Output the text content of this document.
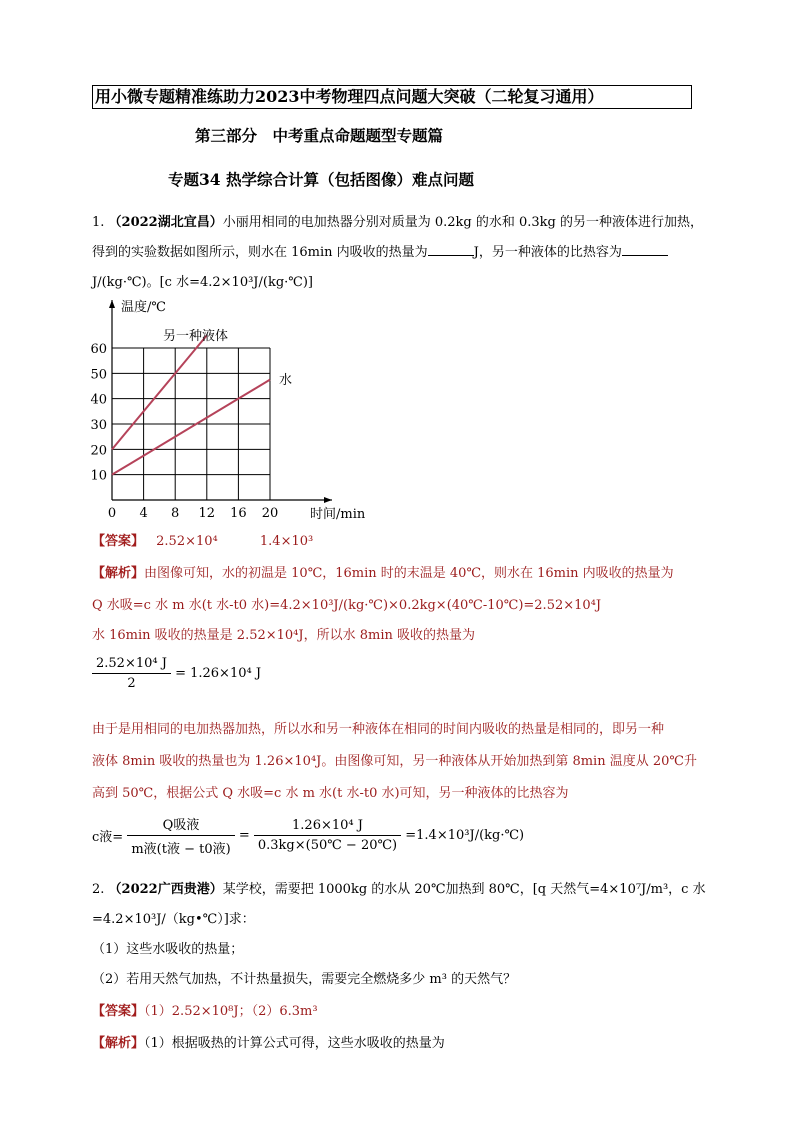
用小微专题精准练助力2023中考物理四点问题大突破（二轮复习通用）
第三部分　中考重点命题题型专题篇
专题34 热学综合计算（包括图像）难点问题
1. （2022湖北宜昌）小丽用相同的电加热器分别对质量为 0.2kg 的水和 0.3kg 的另一种液体进行加热，
得到的实验数据如图所示，则水在 16min 内吸收的热量为	J，另一种液体的比热容为
J/(kg·℃)。[c 水=4.2×10³J/(kg·℃)]
0 4 8 12 16 20
10
20
30
40
50
60
温度/℃
时间/min
另一种液体
水
【答案】 2.52×10⁴	1.4×10³
【解析】由图像可知，水的初温是 10℃，16min 时的末温是 40℃，则水在 16min 内吸收的热量为
Q 水吸=c 水 m 水(t 水-t0 水)=4.2×10³J/(kg·℃)×0.2kg×(40℃-10℃)=2.52×10⁴J
水 16min 吸收的热量是 2.52×10⁴J，所以水 8min 吸收的热量为
$\frac{\text{2.52×10⁴ J}}{2} = 1.26\times 10^4$ J
由于是用相同的电加热器加热，所以水和另一种液体在相同的时间内吸收的热量是相同的，即另一种
液体 8min 吸收的热量也为 1.26×10⁴J。由图像可知，另一种液体从开始加热到第 8min 温度从 20℃升
高到 50℃，根据公式 Q 水吸=c 水 m 水(t 水-t0 水)可知，另一种液体的比热容为
c液= $\frac{\text{Q吸液}}{\text{m液(t液 − t0液)}} = \frac{\text{1.26×10⁴ J}}{0.3kg\times(50℃ - 20℃)}$ =1.4×10³J/(kg·℃)
2. （2022广西贵港）某学校，需要把 1000kg 的水从 20℃加热到 80℃，[q 天然气=4×10⁷J/m³，c 水
=4.2×10³J/（kg•℃）]求：
（1）这些水吸收的热量；
（2）若用天然气加热，不计热量损失，需要完全燃烧多少 m³ 的天然气？
【答案】（1）2.52×10⁸J；（2）6.3m³
【解析】（1）根据吸热的计算公式可得，这些水吸收的热量为
